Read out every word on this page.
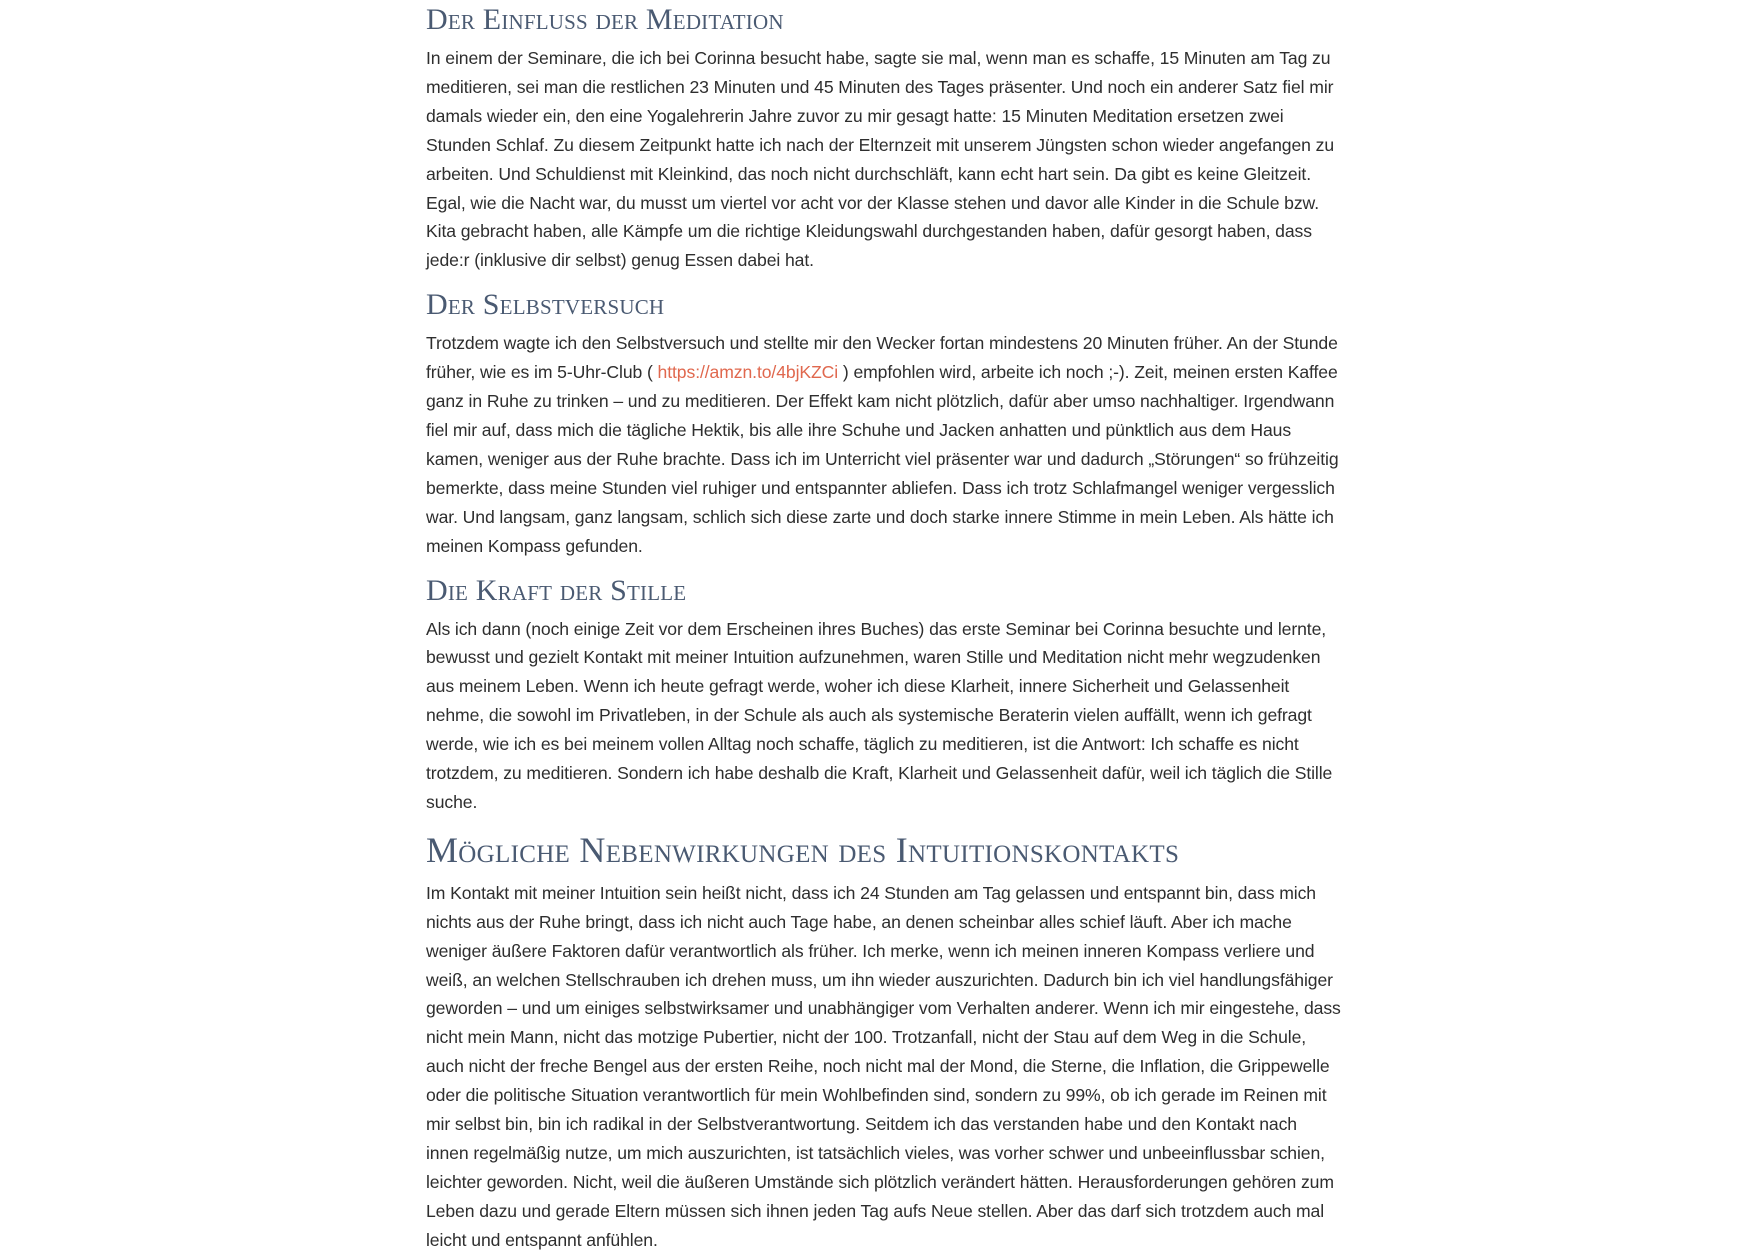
Der Einfluss der Meditation

In einem der Seminare, die ich bei Corinna besucht habe, sagte sie mal, wenn man es schaffe, 15 Minuten am Tag zu meditieren, sei man die restlichen 23 Minuten und 45 Minuten des Tages präsenter. Und noch ein anderer Satz fiel mir damals wieder ein, den eine Yogalehrerin Jahre zuvor zu mir gesagt hatte: 15 Minuten Meditation ersetzen zwei Stunden Schlaf. Zu diesem Zeitpunkt hatte ich nach der Elternzeit mit unserem Jüngsten schon wieder angefangen zu arbeiten. Und Schuldienst mit Kleinkind, das noch nicht durchschläft, kann echt hart sein. Da gibt es keine Gleitzeit. Egal, wie die Nacht war, du musst um viertel vor acht vor der Klasse stehen und davor alle Kinder in die Schule bzw. Kita gebracht haben, alle Kämpfe um die richtige Kleidungswahl durchgestanden haben, dafür gesorgt haben, dass jede:r (inklusive dir selbst) genug Essen dabei hat.

Der Selbstversuch

Trotzdem wagte ich den Selbstversuch und stellte mir den Wecker fortan mindestens 20 Minuten früher. An der Stunde früher, wie es im 5-Uhr-Club ( https://amzn.to/4bjKZCi ) empfohlen wird, arbeite ich noch ;-). Zeit, meinen ersten Kaffee ganz in Ruhe zu trinken – und zu meditieren. Der Effekt kam nicht plötzlich, dafür aber umso nachhaltiger. Irgendwann fiel mir auf, dass mich die tägliche Hektik, bis alle ihre Schuhe und Jacken anhatten und pünktlich aus dem Haus kamen, weniger aus der Ruhe brachte. Dass ich im Unterricht viel präsenter war und dadurch „Störungen“ so frühzeitig bemerkte, dass meine Stunden viel ruhiger und entspannter abliefen. Dass ich trotz Schlafmangel weniger vergesslich war. Und langsam, ganz langsam, schlich sich diese zarte und doch starke innere Stimme in mein Leben. Als hätte ich meinen Kompass gefunden.

Die Kraft der Stille

Als ich dann (noch einige Zeit vor dem Erscheinen ihres Buches) das erste Seminar bei Corinna besuchte und lernte, bewusst und gezielt Kontakt mit meiner Intuition aufzunehmen, waren Stille und Meditation nicht mehr wegzudenken aus meinem Leben. Wenn ich heute gefragt werde, woher ich diese Klarheit, innere Sicherheit und Gelassenheit nehme, die sowohl im Privatleben, in der Schule als auch als systemische Beraterin vielen auffällt, wenn ich gefragt werde, wie ich es bei meinem vollen Alltag noch schaffe, täglich zu meditieren, ist die Antwort: Ich schaffe es nicht trotzdem, zu meditieren. Sondern ich habe deshalb die Kraft, Klarheit und Gelassenheit dafür, weil ich täglich die Stille suche.

Mögliche Nebenwirkungen des Intuitionskontakts

Im Kontakt mit meiner Intuition sein heißt nicht, dass ich 24 Stunden am Tag gelassen und entspannt bin, dass mich nichts aus der Ruhe bringt, dass ich nicht auch Tage habe, an denen scheinbar alles schief läuft. Aber ich mache weniger äußere Faktoren dafür verantwortlich als früher. Ich merke, wenn ich meinen inneren Kompass verliere und weiß, an welchen Stellschrauben ich drehen muss, um ihn wieder auszurichten. Dadurch bin ich viel handlungsfähiger geworden – und um einiges selbstwirksamer und unabhängiger vom Verhalten anderer. Wenn ich mir eingestehe, dass nicht mein Mann, nicht das motzige Pubertier, nicht der 100. Trotzanfall, nicht der Stau auf dem Weg in die Schule, auch nicht der freche Bengel aus der ersten Reihe, noch nicht mal der Mond, die Sterne, die Inflation, die Grippewelle oder die politische Situation verantwortlich für mein Wohlbefinden sind, sondern zu 99%, ob ich gerade im Reinen mit mir selbst bin, bin ich radikal in der Selbstverantwortung. Seitdem ich das verstanden habe und den Kontakt nach innen regelmäßig nutze, um mich auszurichten, ist tatsächlich vieles, was vorher schwer und unbeeinflussbar schien, leichter geworden. Nicht, weil die äußeren Umstände sich plötzlich verändert hätten. Herausforderungen gehören zum Leben dazu und gerade Eltern müssen sich ihnen jeden Tag aufs Neue stellen. Aber das darf sich trotzdem auch mal leicht und entspannt anfühlen.
